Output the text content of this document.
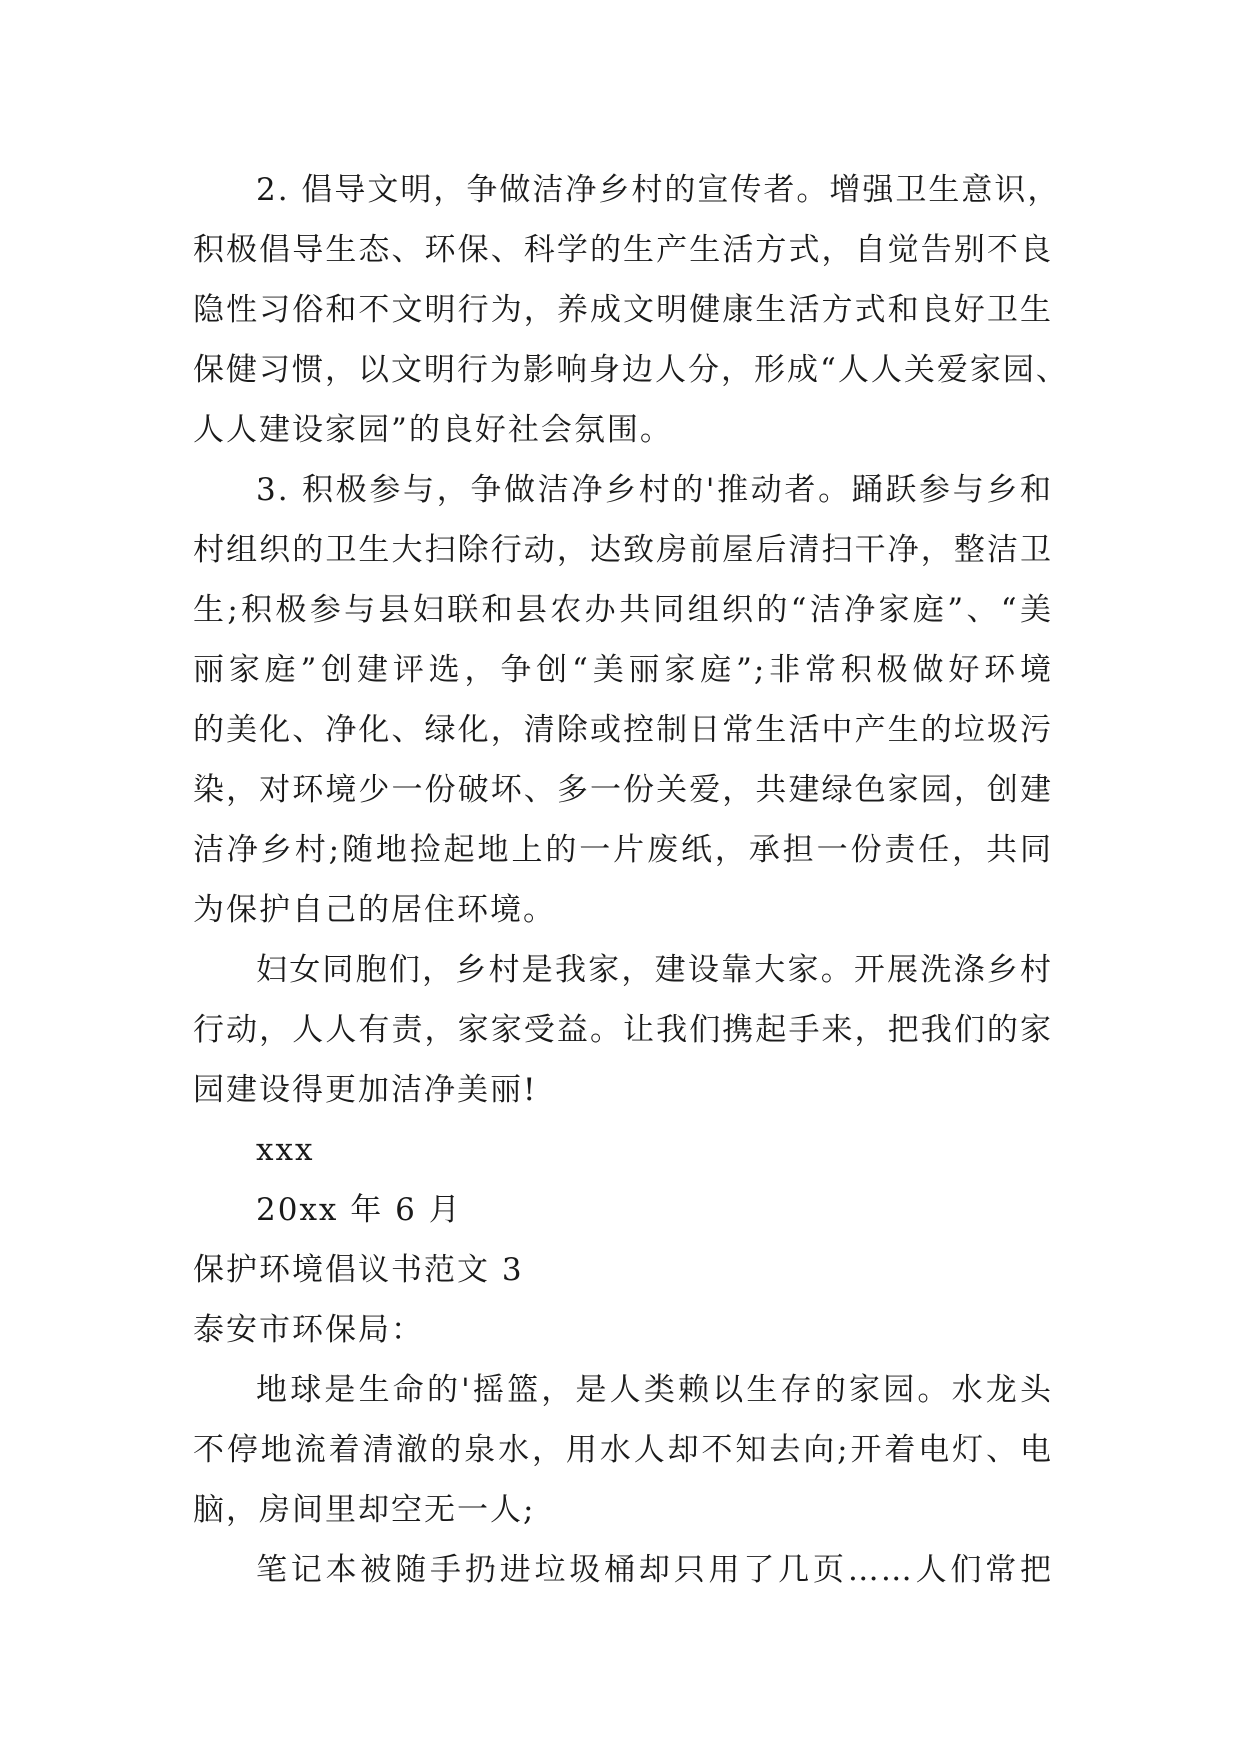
2. 倡导文明，争做洁净乡村的宣传者。增强卫生意识，
积极倡导生态、环保、科学的生产生活方式，自觉告别不良
隐性习俗和不文明行为，养成文明健康生活方式和良好卫生
保健习惯，以文明行为影响身边人分，形成“人人关爱家园、
人人建设家园”的良好社会氛围。
3. 积极参与，争做洁净乡村的'推动者。踊跃参与乡和
村组织的卫生大扫除行动，达致房前屋后清扫干净，整洁卫
生;积极参与县妇联和县农办共同组织的“洁净家庭”、“美
丽家庭”创建评选，争创“美丽家庭”;非常积极做好环境
的美化、净化、绿化，清除或控制日常生活中产生的垃圾污
染，对环境少一份破坏、多一份关爱，共建绿色家园，创建
洁净乡村;随地捡起地上的一片废纸，承担一份责任，共同
为保护自己的居住环境。
妇女同胞们，乡村是我家，建设靠大家。开展洗涤乡村
行动，人人有责，家家受益。让我们携起手来，把我们的家
园建设得更加洁净美丽!
xxx
20xx 年 6 月
保护环境倡议书范文 3
泰安市环保局：
地球是生命的'摇篮，是人类赖以生存的家园。水龙头
不停地流着清澈的泉水，用水人却不知去向;开着电灯、电
脑，房间里却空无一人;
笔记本被随手扔进垃圾桶却只用了几页……人们常把
